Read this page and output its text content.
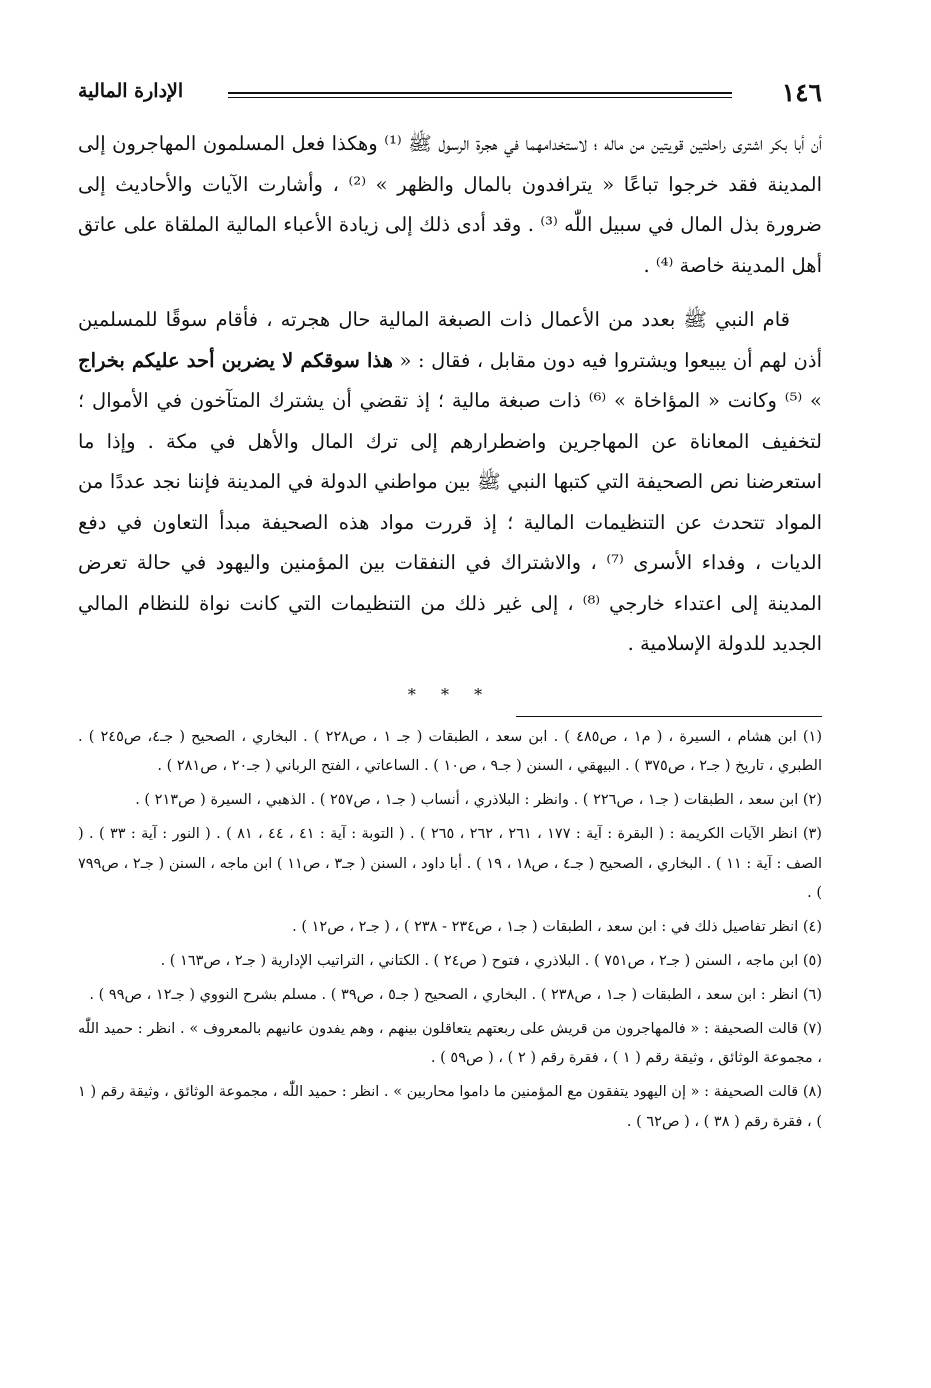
١٤٦
الإدارة المالية

أن أبا بكر اشترى راحلتين قويتين من ماله ؛ لاستخدامهما في هجرة الرسول ﷺ ⁽¹⁾ وهكذا فعل المسلمون المهاجرون إلى المدينة فقد خرجوا تباعًا « يترافدون بالمال والظهر » ⁽²⁾ ، وأشارت الآيات والأحاديث إلى ضرورة بذل المال في سبيل اللّٰه ⁽³⁾ . وقد أدى ذلك إلى زيادة الأعباء المالية الملقاة على عاتق أهل المدينة خاصة ⁽⁴⁾ .

قام النبي ﷺ بعدد من الأعمال ذات الصبغة المالية حال هجرته ، فأقام سوقًا للمسلمين أذن لهم أن يبيعوا ويشتروا فيه دون مقابل ، فقال : « هذا سوقكم لا يضربن أحد عليكم بخراج » ⁽⁵⁾ وكانت « المؤاخاة » ⁽⁶⁾ ذات صبغة مالية ؛ إذ تقضي أن يشترك المتآخون في الأموال ؛ لتخفيف المعاناة عن المهاجرين واضطرارهم إلى ترك المال والأهل في مكة . وإذا ما استعرضنا نص الصحيفة التي كتبها النبي ﷺ بين مواطني الدولة في المدينة فإننا نجد عددًا من المواد تتحدث عن التنظيمات المالية ؛ إذ قررت مواد هذه الصحيفة مبدأ التعاون في دفع الديات ، وفداء الأسرى ⁽⁷⁾ ، والاشتراك في النفقات بين المؤمنين واليهود في حالة تعرض المدينة إلى اعتداء خارجي ⁽⁸⁾ ، إلى غير ذلك من التنظيمات التي كانت نواة للنظام المالي الجديد للدولة الإسلامية .

* * *

(١) ابن هشام ، السيرة ، ( م١ ، ص٤٨٥ ) . ابن سعد ، الطبقات ( جـ ١ ، ص٢٢٨ ) . البخاري ، الصحيح ( جـ٤، ص٢٤٥ ) . الطبري ، تاريخ ( جـ٢ ، ص٣٧٥ ) . البيهقي ، السنن ( جـ٩ ، ص١٠ ) . الساعاتي ، الفتح الرباني ( جـ٢٠ ، ص٢٨١ ) .

(٢) ابن سعد ، الطبقات ( جـ١ ، ص٢٢٦ ) . وانظر : البلاذري ، أنساب ( جـ١ ، ص٢٥٧ ) . الذهبي ، السيرة ( ص٢١٣ ) .

(٣) انظر الآيات الكريمة : ( البقرة : آية : ١٧٧ ، ٢٦١ ، ٢٦٢ ، ٢٦٥ ) . ( التوبة : آية : ٤١ ، ٤٤ ، ٨١ ) . ( النور : آية : ٣٣ ) . ( الصف : آية : ١١ ) . البخاري ، الصحيح ( جـ٤ ، ص١٨ ، ١٩ ) . أبا داود ، السنن ( جـ٣ ، ص١١ ) ابن ماجه ، السنن ( جـ٢ ، ص٧٩٩ ) .

(٤) انظر تفاصيل ذلك في : ابن سعد ، الطبقات ( جـ١ ، ص٢٣٤ - ٢٣٨ ) ، ( جـ٢ ، ص١٢ ) .

(٥) ابن ماجه ، السنن ( جـ٢ ، ص٧٥١ ) . البلاذري ، فتوح ( ص٢٤ ) . الكتاني ، التراتيب الإدارية ( جـ٢ ، ص١٦٣ ) .

(٦) انظر : ابن سعد ، الطبقات ( جـ١ ، ص٢٣٨ ) . البخاري ، الصحيح ( جـ٥ ، ص٣٩ ) . مسلم بشرح النووي ( جـ١٢ ، ص٩٩ ) .

(٧) قالت الصحيفة : « فالمهاجرون من قريش على ربعتهم يتعاقلون بينهم ، وهم يفدون عانيهم بالمعروف » . انظر : حميد اللّٰه ، مجموعة الوثائق ، وثيقة رقم ( ١ ) ، فقرة رقم ( ٢ ) ، ( ص٥٩ ) .

(٨) قالت الصحيفة : « إن اليهود يتفقون مع المؤمنين ما داموا محاربين » . انظر : حميد اللّٰه ، مجموعة الوثائق ، وثيقة رقم ( ١ ) ، فقرة رقم ( ٣٨ ) ، ( ص٦٢ ) .
